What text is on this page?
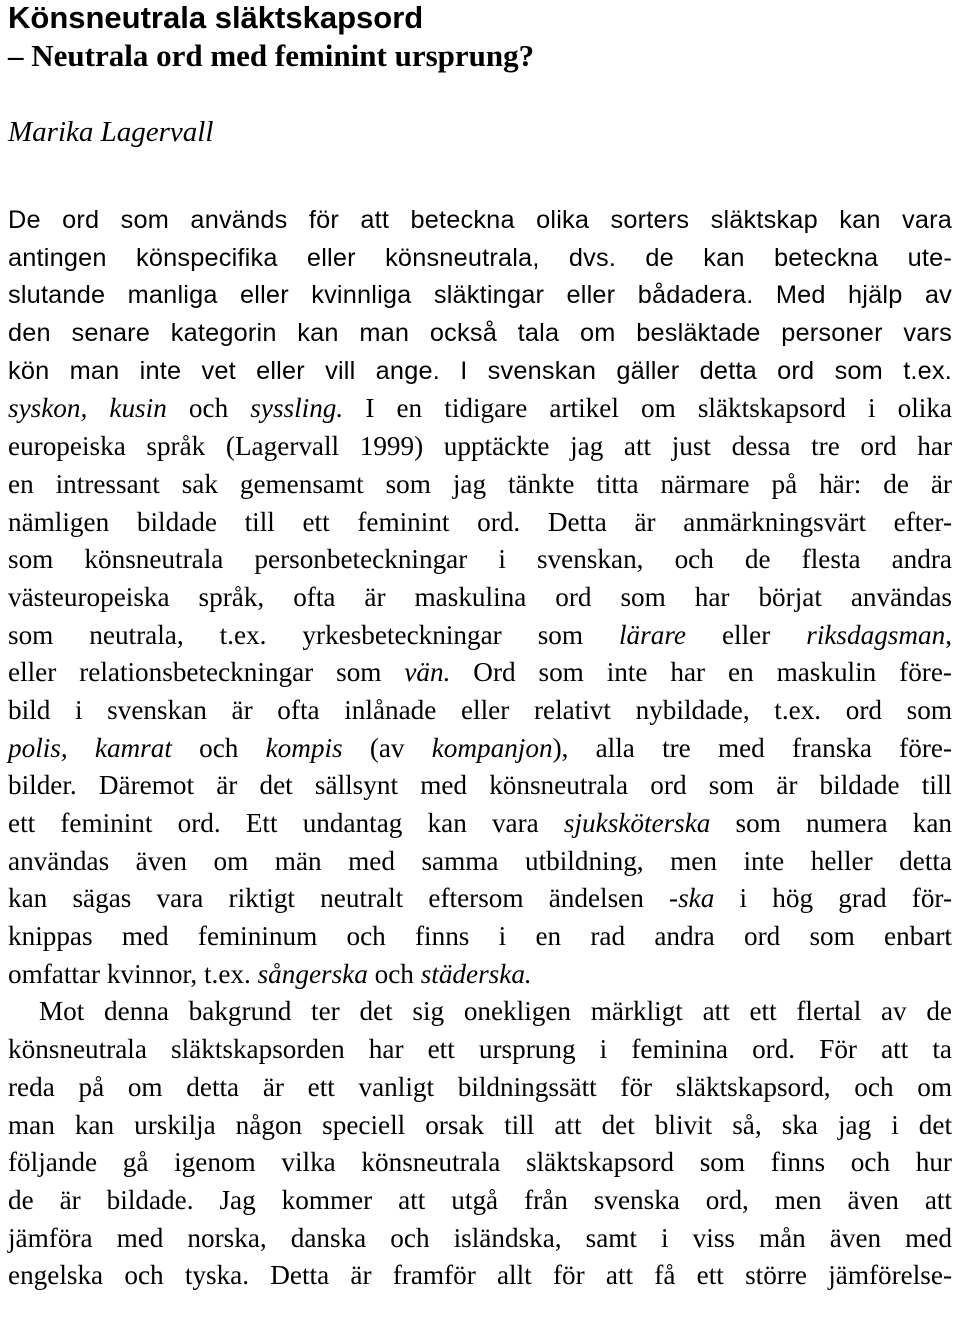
Könsneutrala släktskapsord
– Neutrala ord med feminint ursprung?
Marika Lagervall
De ord som används för att beteckna olika sorters släktskap kan vara
antingen könspecifika eller könsneutrala, dvs. de kan beteckna ute-
slutande manliga eller kvinnliga släktingar eller bådadera. Med hjälp av
den senare kategorin kan man också tala om besläktade personer vars
kön man inte vet eller vill ange. I svenskan gäller detta ord som t.ex.
syskon, kusin och syssling. I en tidigare artikel om släktskapsord i olika
europeiska språk (Lagervall 1999) upptäckte jag att just dessa tre ord har
en intressant sak gemensamt som jag tänkte titta närmare på här: de är
nämligen bildade till ett feminint ord. Detta är anmärkningsvärt efter-
som könsneutrala personbeteckningar i svenskan, och de flesta andra
västeuropeiska språk, ofta är maskulina ord som har börjat användas
som neutrala, t.ex. yrkesbeteckningar som lärare eller riksdagsman,
eller relationsbeteckningar som vän. Ord som inte har en maskulin före-
bild i svenskan är ofta inlånade eller relativt nybildade, t.ex. ord som
polis, kamrat och kompis (av kompanjon), alla tre med franska före-
bilder. Däremot är det sällsynt med könsneutrala ord som är bildade till
ett feminint ord. Ett undantag kan vara sjuksköterska som numera kan
användas även om män med samma utbildning, men inte heller detta
kan sägas vara riktigt neutralt eftersom ändelsen -ska i hög grad för-
knippas med femininum och finns i en rad andra ord som enbart
omfattar kvinnor, t.ex. sångerska och städerska.
Mot denna bakgrund ter det sig onekligen märkligt att ett flertal av de
könsneutrala släktskapsorden har ett ursprung i feminina ord. För att ta
reda på om detta är ett vanligt bildningssätt för släktskapsord, och om
man kan urskilja någon speciell orsak till att det blivit så, ska jag i det
följande gå igenom vilka könsneutrala släktskapsord som finns och hur
de är bildade. Jag kommer att utgå från svenska ord, men även att
jämföra med norska, danska och isländska, samt i viss mån även med
engelska och tyska. Detta är framför allt för att få ett större jämförelse-
